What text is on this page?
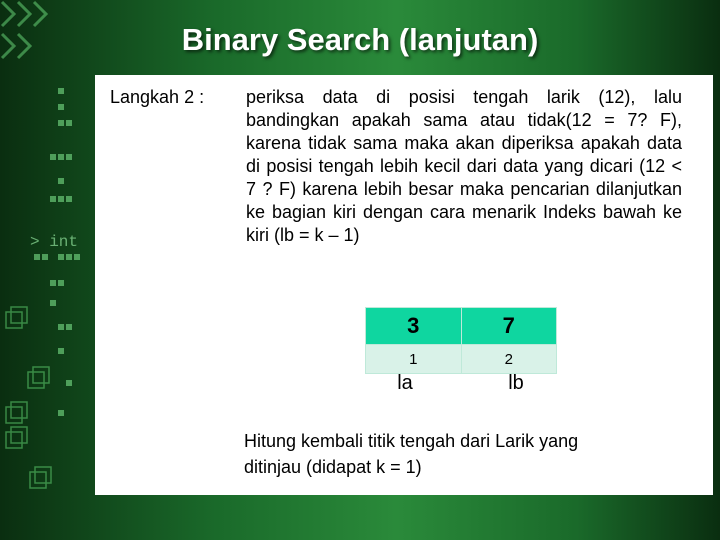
> int
Binary Search (lanjutan)
Langkah 2 : periksa data di posisi tengah larik (12), lalu bandingkan apakah sama atau tidak(12 = 7? F), karena tidak sama maka akan diperiksa apakah data di posisi tengah lebih kecil dari data yang dicari (12 < 7 ? F) karena lebih besar maka pencarian dilanjutkan ke bagian kiri dengan cara menarik Indeks bawah ke kiri (lb = k – 1)
3	7
1	2
la	lb
Hitung kembali titik tengah dari Larik yang
ditinjau (didapat k = 1)
